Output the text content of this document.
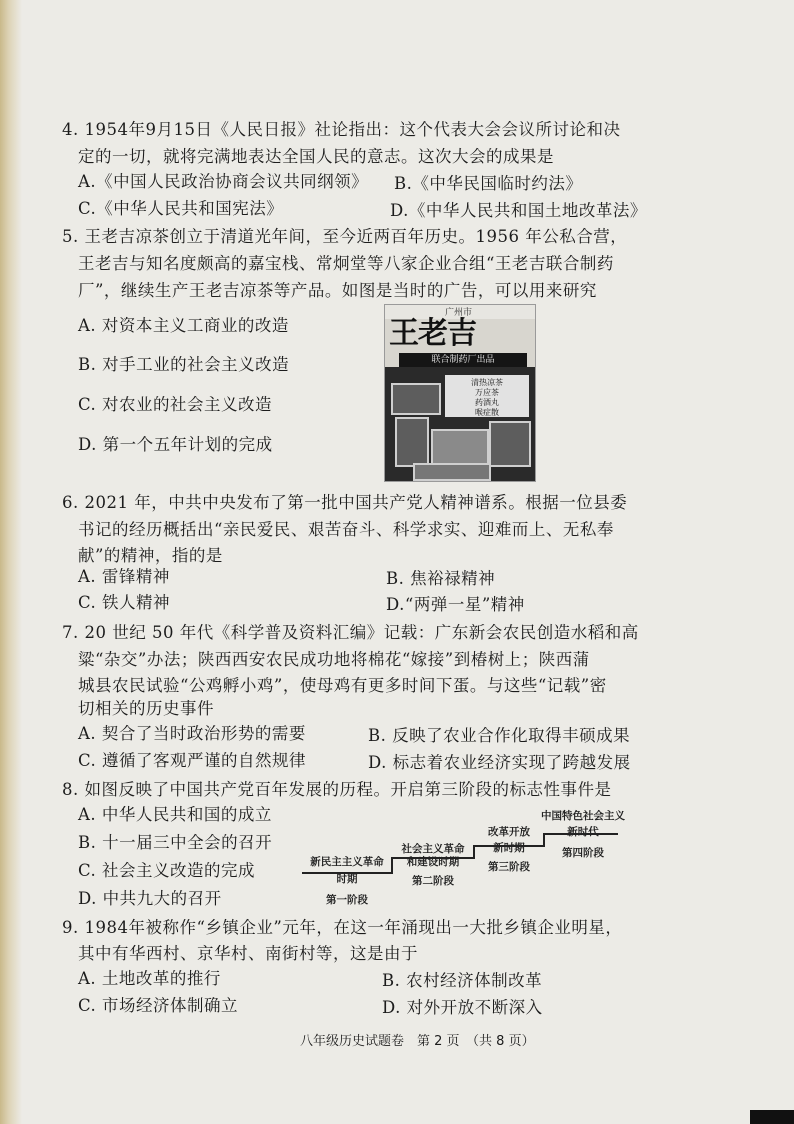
4. 1954年9月15日《人民日报》社论指出：这个代表大会会议所讨论和决
定的一切，就将完满地表达全国人民的意志。这次大会的成果是
A.《中国人民政治协商会议共同纲领》 B.《中华民国临时约法》
C.《中华人民共和国宪法》	D.《中华人民共和国土地改革法》
5. 王老吉凉茶创立于清道光年间，至今近两百年历史。1956 年公私合营，
王老吉与知名度颇高的嘉宝栈、常炯堂等八家企业合组“王老吉联合制药
厂”，继续生产王老吉凉茶等产品。如图是当时的广告，可以用来研究
A. 对资本主义工商业的改造
B. 对手工业的社会主义改造
C. 对农业的社会主义改造
D. 第一个五年计划的完成
广州市
王老吉
联合制药厂出品
清热凉茶
万应茶
药酒丸
喉症散
6. 2021 年，中共中央发布了第一批中国共产党人精神谱系。根据一位县委
书记的经历概括出“亲民爱民、艰苦奋斗、科学求实、迎难而上、无私奉
献”的精神，指的是
A. 雷锋精神	B. 焦裕禄精神
C. 铁人精神	D.“两弹一星”精神
7. 20 世纪 50 年代《科学普及资料汇编》记载：广东新会农民创造水稻和高
粱“杂交”办法；陕西西安农民成功地将棉花“嫁接”到椿树上；陕西蒲
城县农民试验“公鸡孵小鸡”，使母鸡有更多时间下蛋。与这些“记载”密
切相关的历史事件
A. 契合了当时政治形势的需要	B. 反映了农业合作化取得丰硕成果
C. 遵循了客观严谨的自然规律	D. 标志着农业经济实现了跨越发展
8. 如图反映了中国共产党百年发展的历程。开启第三阶段的标志性事件是
A. 中华人民共和国的成立
B. 十一届三中全会的召开
C. 社会主义改造的完成
D. 中共九大的召开
新民主主义革命
时期
第一阶段
社会主义革命
和建设时期
第二阶段
改革开放
新时期
第三阶段
中国特色社会主义
新时代
第四阶段
9. 1984年被称作“乡镇企业”元年，在这一年涌现出一大批乡镇企业明星，
其中有华西村、京华村、南街村等，这是由于
A. 土地改革的推行	B. 农村经济体制改革
C. 市场经济体制确立	D. 对外开放不断深入
八年级历史试题卷　第 2 页　（共 8 页）
